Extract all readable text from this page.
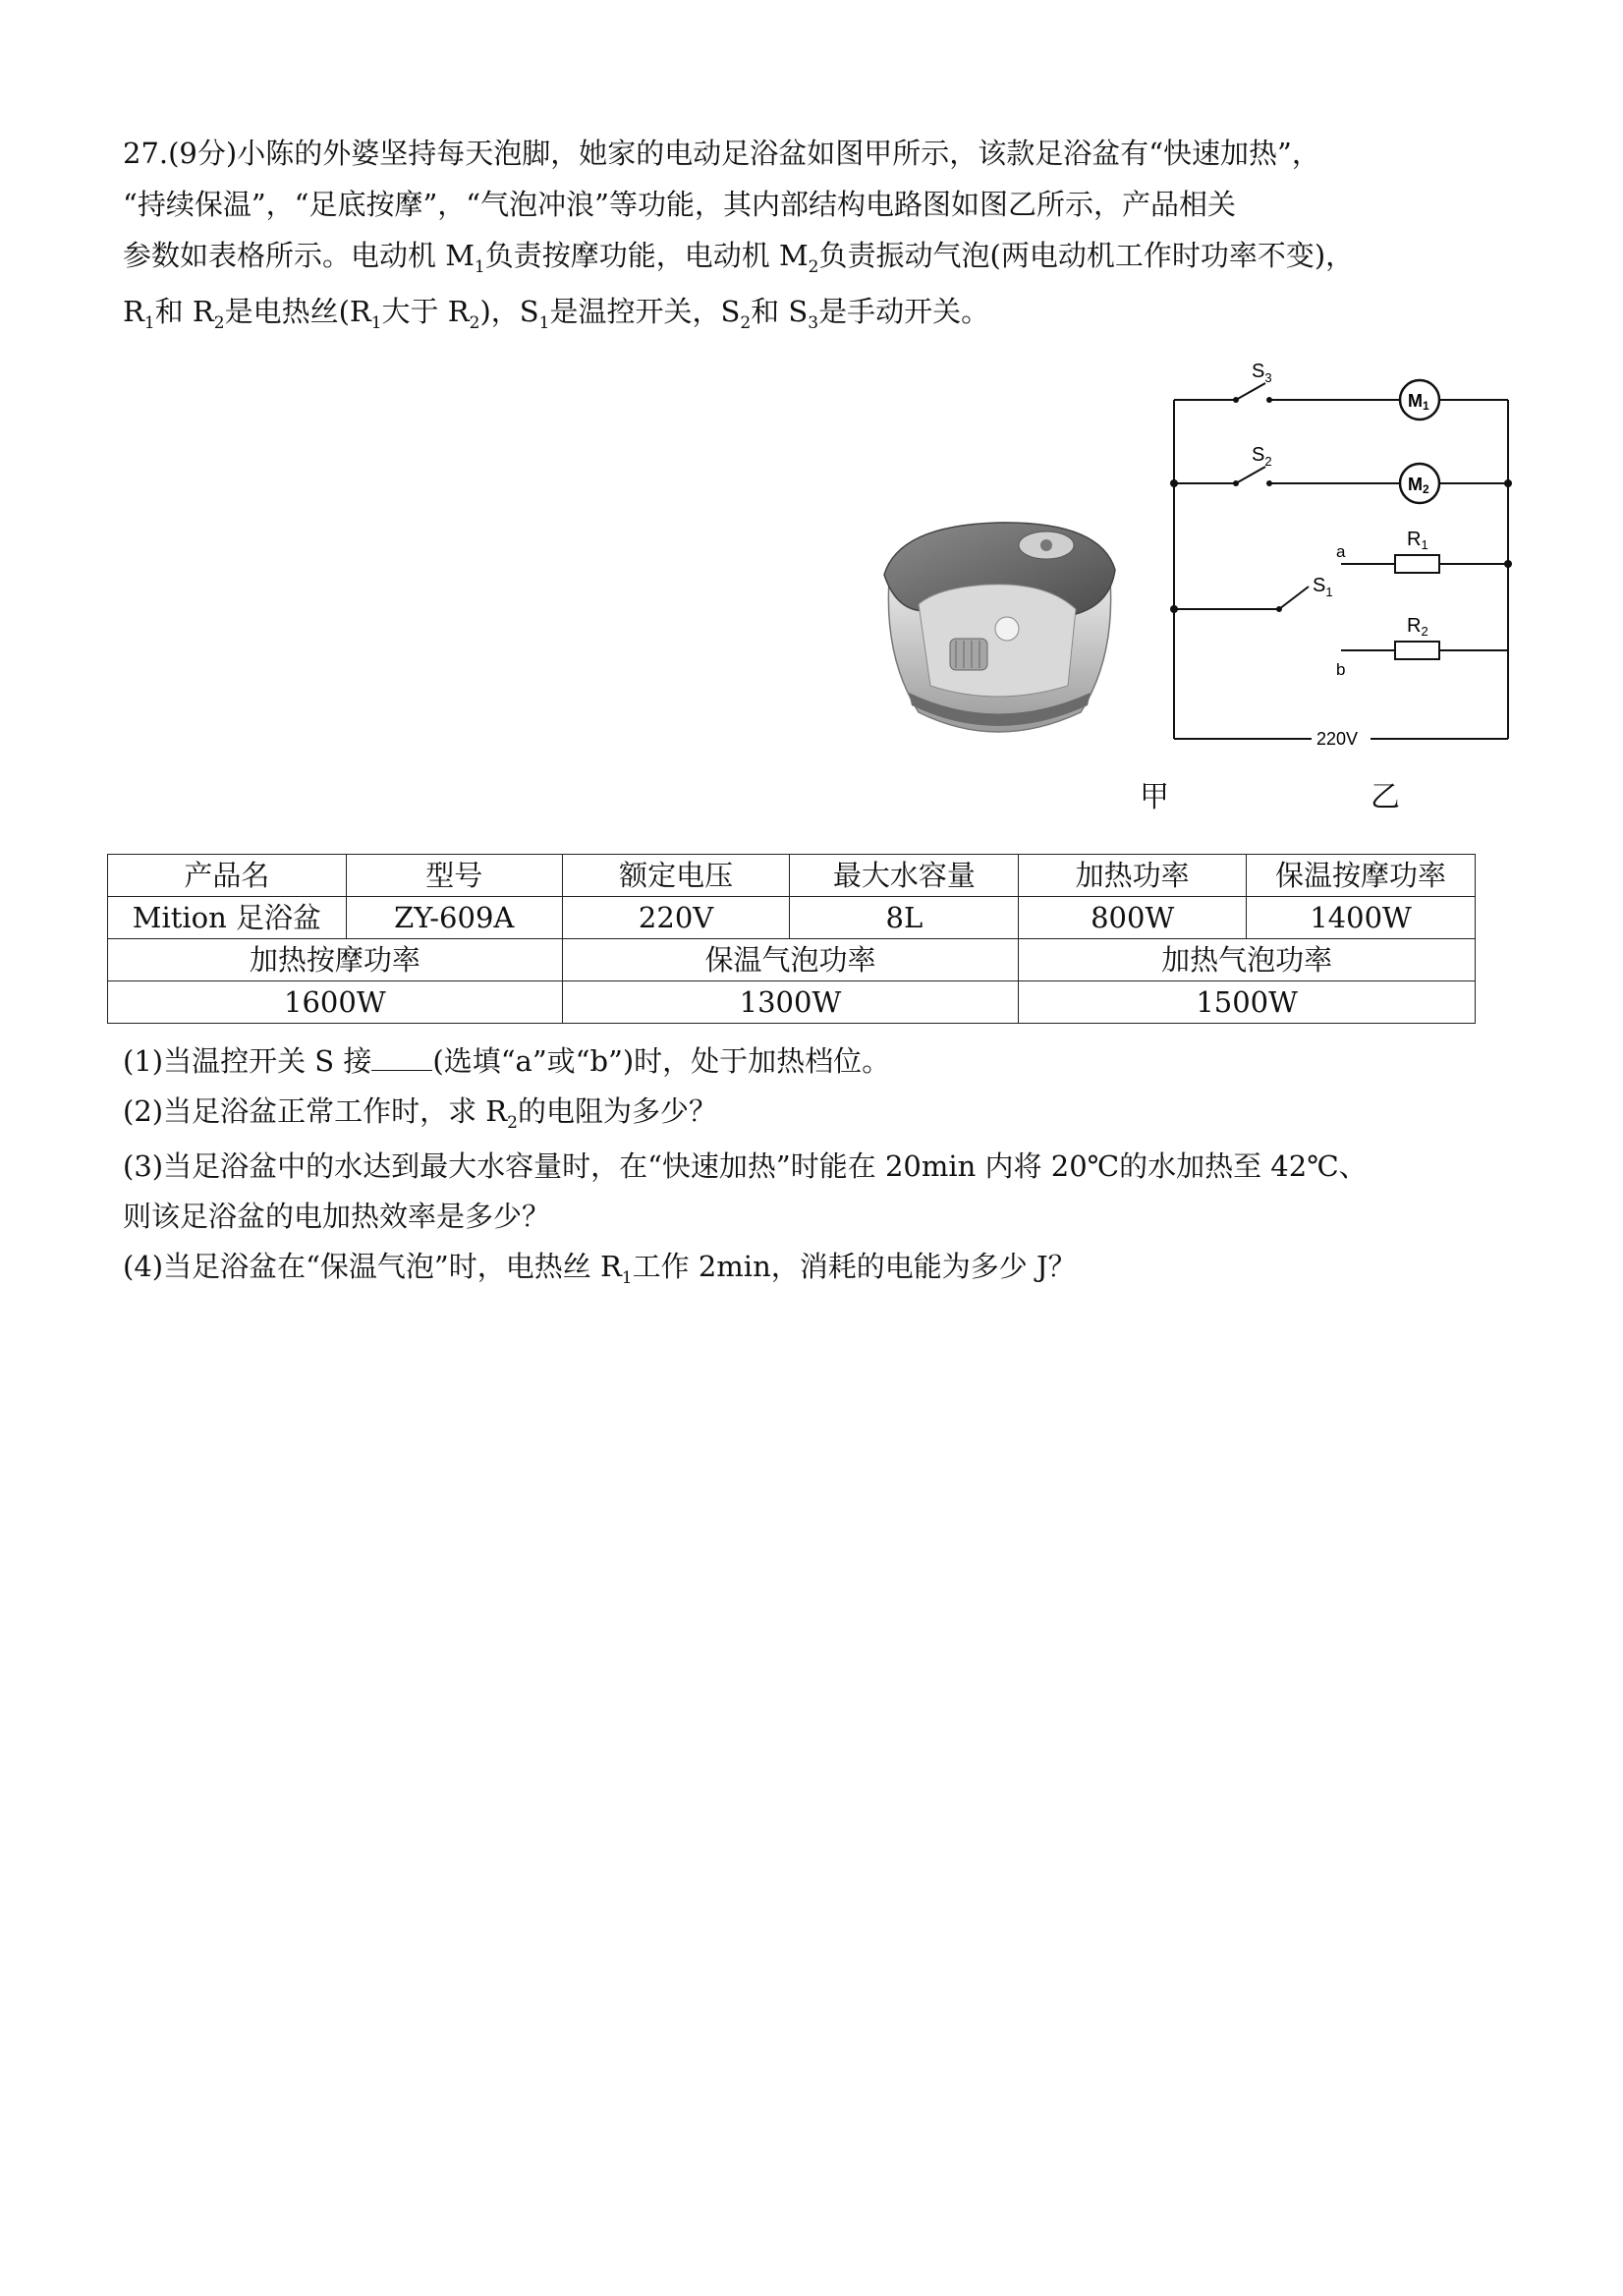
27.(9分)小陈的外婆坚持每天泡脚，她家的电动足浴盆如图甲所示，该款足浴盆有“快速加热”，
“持续保温”，“足底按摩”，“气泡冲浪”等功能，其内部结构电路图如图乙所示，产品相关
参数如表格所示。电动机 $M_1$负责按摩功能，电动机 $M_2$负责振动气泡(两电动机工作时功率不变)，
$R_1$和 $R_2$是电热丝($R_1$大于 $R_2$)，$S_1$是温控开关，$S_2$和 $S_3$是手动开关。
$S_3$
$S_2$
$S_1$
M1
M2
$R_1$
$R_2$
a
b
220V
甲	乙
产品名	型号	额定电压	最大水容量	加热功率	保温按摩功率
Mition 足浴盆	ZY-609A	220V	8L	800W	1400W
加热按摩功率		保温气泡功率		加热气泡功率	
1600W		1300W		1500W	
(1)当温控开关 S 接 (选填“a”或“b”)时，处于加热档位。
(2)当足浴盆正常工作时，求 $R_2$的电阻为多少？
(3)当足浴盆中的水达到最大水容量时，在“快速加热”时能在 20min 内将 20℃的水加热至 42℃、
则该足浴盆的电加热效率是多少？
(4)当足浴盆在“保温气泡”时，电热丝 $R_1$工作 2min，消耗的电能为多少 J？
